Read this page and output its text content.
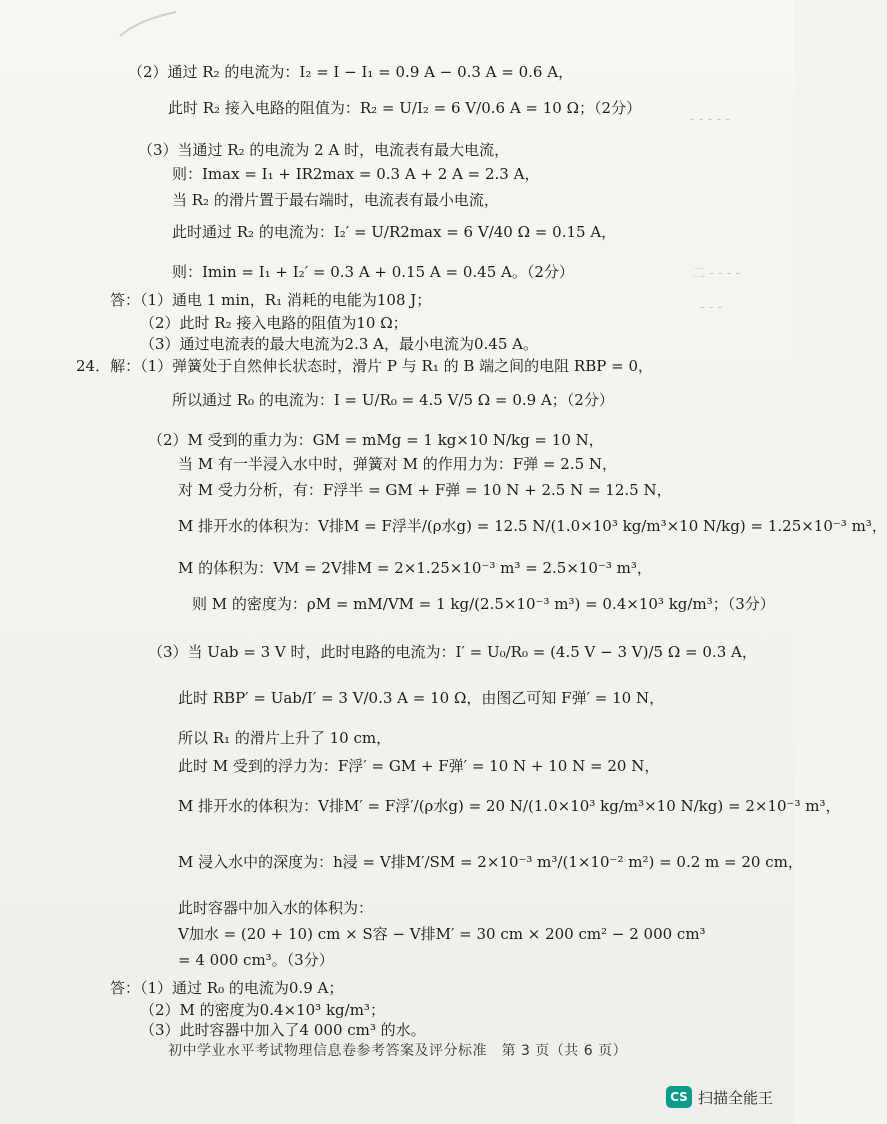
- - - - -
二 - - - -
- - -
（2）通过 R₂ 的电流为：I₂ = I − I₁ = 0.9 A − 0.3 A = 0.6 A，
此时 R₂ 接入电路的阻值为：R₂ = U/I₂ = 6 V/0.6 A = 10 Ω；（2分）
（3）当通过 R₂ 的电流为 2 A 时，电流表有最大电流，
则：Imax = I₁ + IR2max = 0.3 A + 2 A = 2.3 A，
当 R₂ 的滑片置于最右端时，电流表有最小电流，
此时通过 R₂ 的电流为：I₂′ = U/R2max = 6 V/40 Ω = 0.15 A，
则：Imin = I₁ + I₂′ = 0.3 A + 0.15 A = 0.45 A。（2分）
答：（1）通电 1 min，R₁ 消耗的电能为108 J；
（2）此时 R₂ 接入电路的阻值为10 Ω；
（3）通过电流表的最大电流为2.3 A，最小电流为0.45 A。
24．解：（1）弹簧处于自然伸长状态时，滑片 P 与 R₁ 的 B 端之间的电阻 RBP = 0，
所以通过 R₀ 的电流为：I = U/R₀ = 4.5 V/5 Ω = 0.9 A；（2分）
（2）M 受到的重力为：GM = mMg = 1 kg×10 N/kg = 10 N，
当 M 有一半浸入水中时，弹簧对 M 的作用力为：F弹 = 2.5 N，
对 M 受力分析，有：F浮半 = GM + F弹 = 10 N + 2.5 N = 12.5 N，
M 排开水的体积为：V排M = F浮半/(ρ水g) = 12.5 N/(1.0×10³ kg/m³×10 N/kg) = 1.25×10⁻³ m³，
M 的体积为：VM = 2V排M = 2×1.25×10⁻³ m³ = 2.5×10⁻³ m³，
则 M 的密度为：ρM = mM/VM = 1 kg/(2.5×10⁻³ m³) = 0.4×10³ kg/m³；（3分）
（3）当 Uab = 3 V 时，此时电路的电流为：I′ = U₀/R₀ = (4.5 V − 3 V)/5 Ω = 0.3 A，
此时 RBP′ = Uab/I′ = 3 V/0.3 A = 10 Ω，由图乙可知 F弹′ = 10 N，
所以 R₁ 的滑片上升了 10 cm，
此时 M 受到的浮力为：F浮′ = GM + F弹′ = 10 N + 10 N = 20 N，
M 排开水的体积为：V排M′ = F浮′/(ρ水g) = 20 N/(1.0×10³ kg/m³×10 N/kg) = 2×10⁻³ m³，
M 浸入水中的深度为：h浸 = V排M′/SM = 2×10⁻³ m³/(1×10⁻² m²) = 0.2 m = 20 cm，
此时容器中加入水的体积为：
V加水 = (20 + 10) cm × S容 − V排M′ = 30 cm × 200 cm² − 2 000 cm³
= 4 000 cm³。（3分）
答：（1）通过 R₀ 的电流为0.9 A；
（2）M 的密度为0.4×10³ kg/m³；
（3）此时容器中加入了4 000 cm³ 的水。
初中学业水平考试物理信息卷参考答案及评分标准　第 3 页（共 6 页）
CS 扫描全能王
